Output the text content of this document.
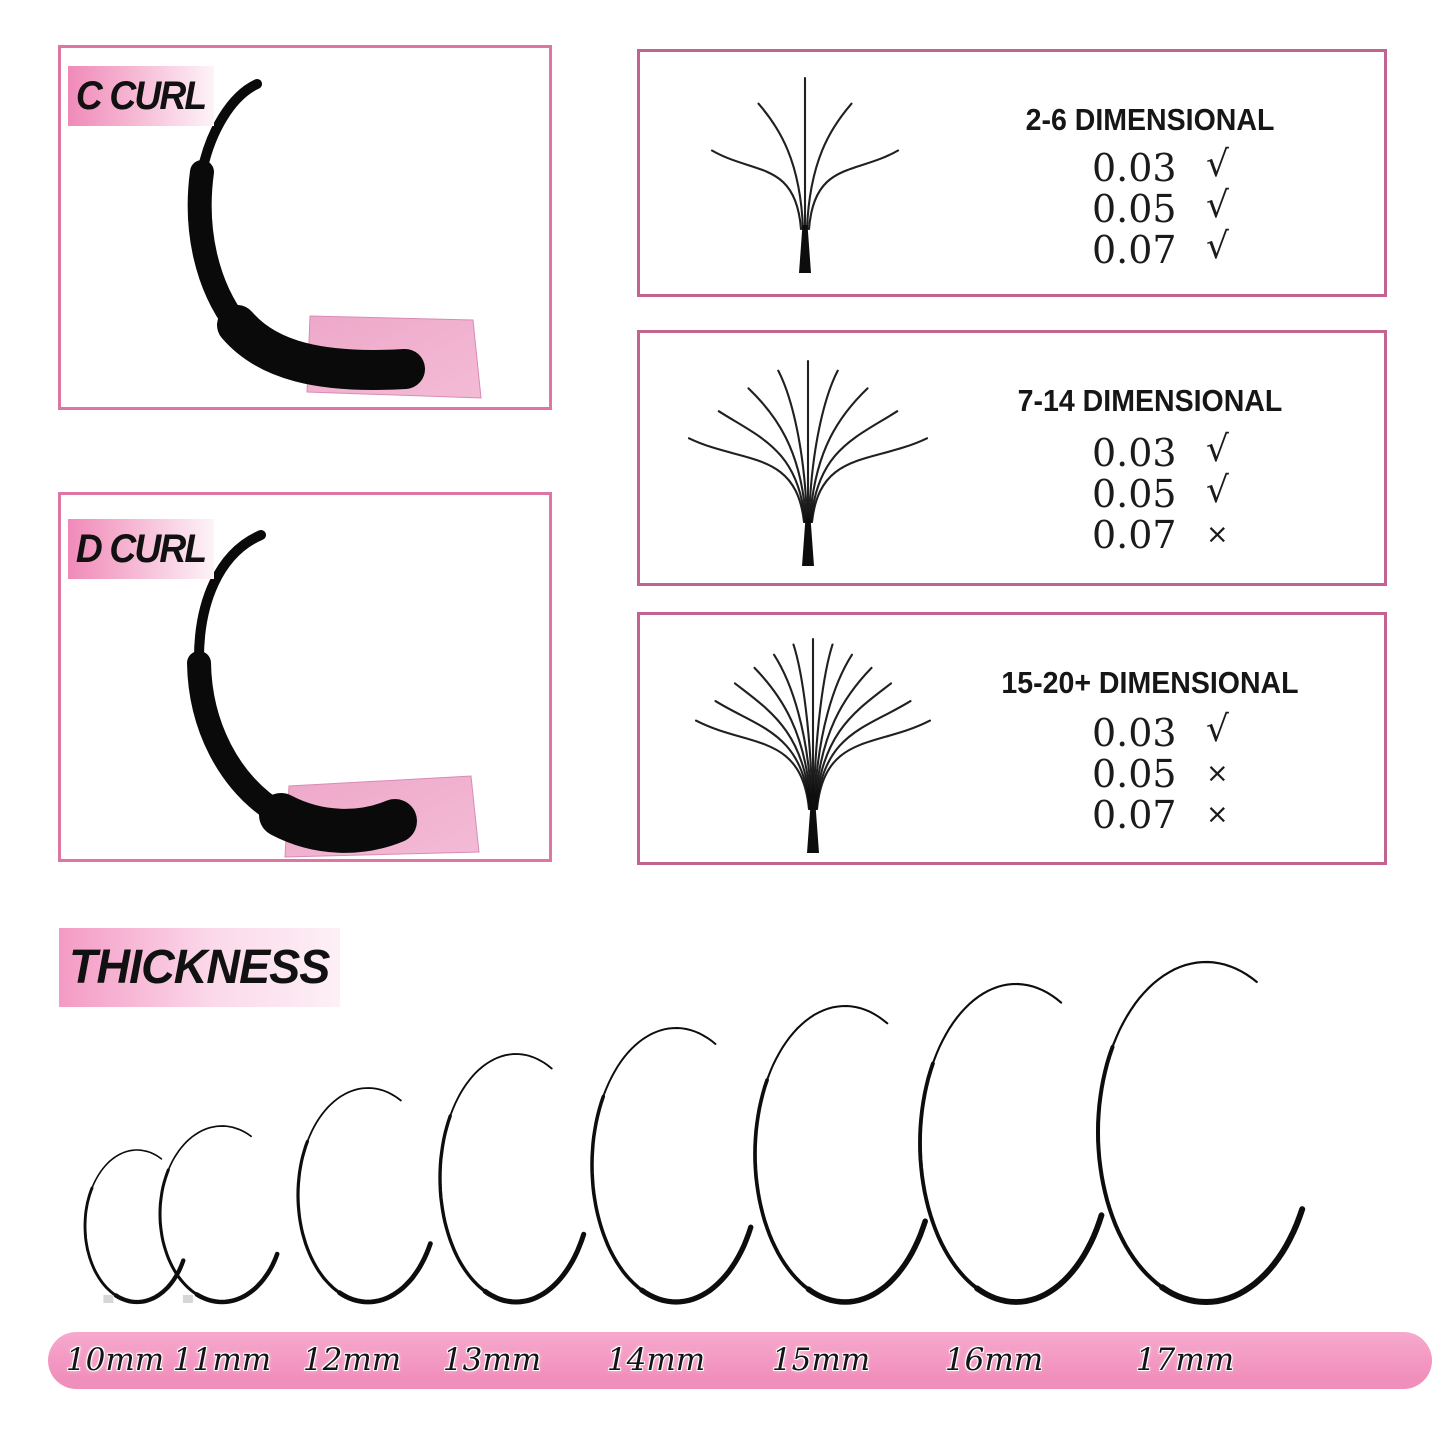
C CURL
D CURL
2-6 DIMENSIONAL
0.03 √
0.05 √
0.07 √
7-14 DIMENSIONAL
0.03 √
0.05 √
0.07 ×
15-20+ DIMENSIONAL
0.03 √
0.05 ×
0.07 ×
THICKNESS
10mm 11mm 12mm 13mm 14mm 15mm 16mm	17mm
